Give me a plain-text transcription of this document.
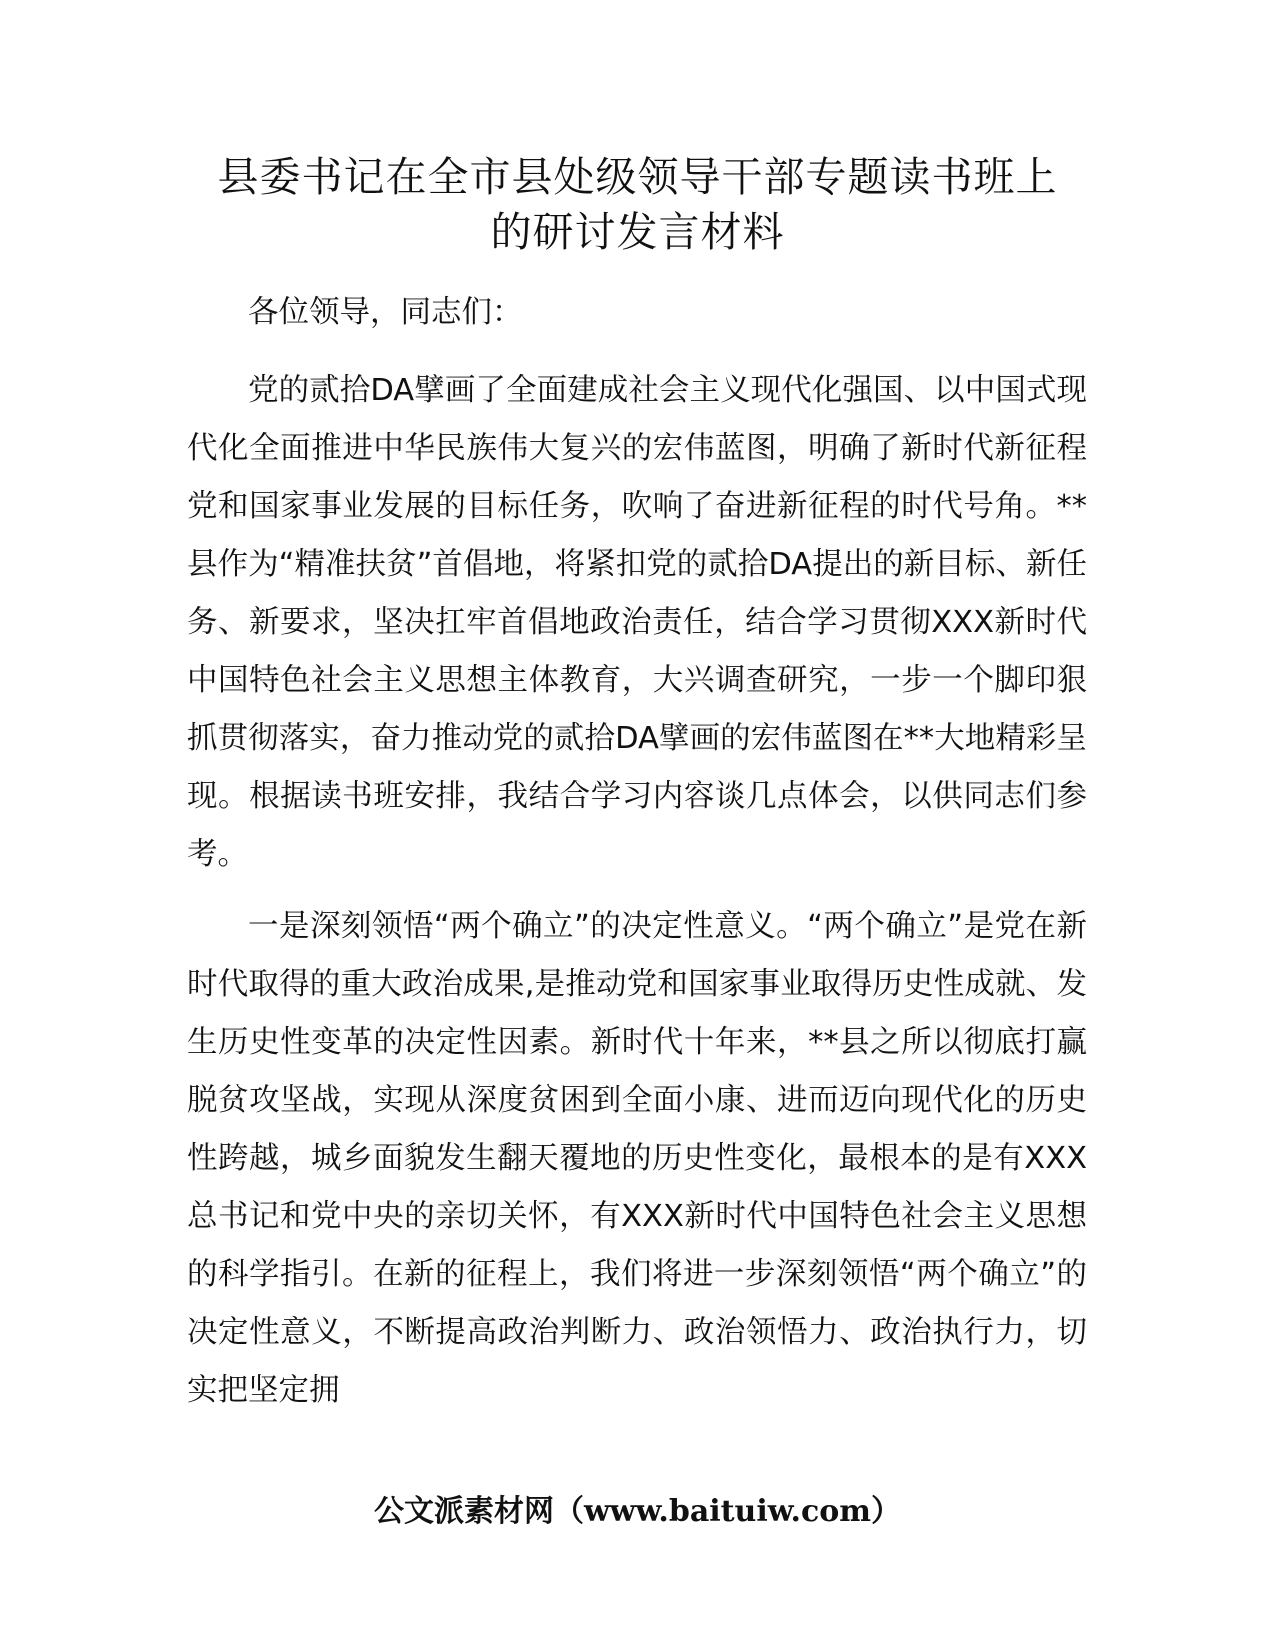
县委书记在全市县处级领导干部专题读书班上
的研讨发言材料

各位领导，同志们：

党的贰拾DA擘画了全面建成社会主义现代化强国、以中国式现代化全面推进中华民族伟大复兴的宏伟蓝图，明确了新时代新征程党和国家事业发展的目标任务，吹响了奋进新征程的时代号角。**县作为“精准扶贫”首倡地，将紧扣党的贰拾DA提出的新目标、新任务、新要求，坚决扛牢首倡地政治责任，结合学习贯彻XXX新时代中国特色社会主义思想主体教育，大兴调查研究，一步一个脚印狠抓贯彻落实，奋力推动党的贰拾DA擘画的宏伟蓝图在**大地精彩呈现。根据读书班安排，我结合学习内容谈几点体会，以供同志们参考。

一是深刻领悟“两个确立”的决定性意义。“两个确立”是党在新时代取得的重大政治成果,是推动党和国家事业取得历史性成就、发生历史性变革的决定性因素。新时代十年来，**县之所以彻底打赢脱贫攻坚战，实现从深度贫困到全面小康、进而迈向现代化的历史性跨越，城乡面貌发生翻天覆地的历史性变化，最根本的是有XXX总书记和党中央的亲切关怀，有XXX新时代中国特色社会主义思想的科学指引。在新的征程上，我们将进一步深刻领悟“两个确立”的决定性意义，不断提高政治判断力、政治领悟力、政治执行力，切实把坚定拥

公文派素材网（www.baituiw.com）
